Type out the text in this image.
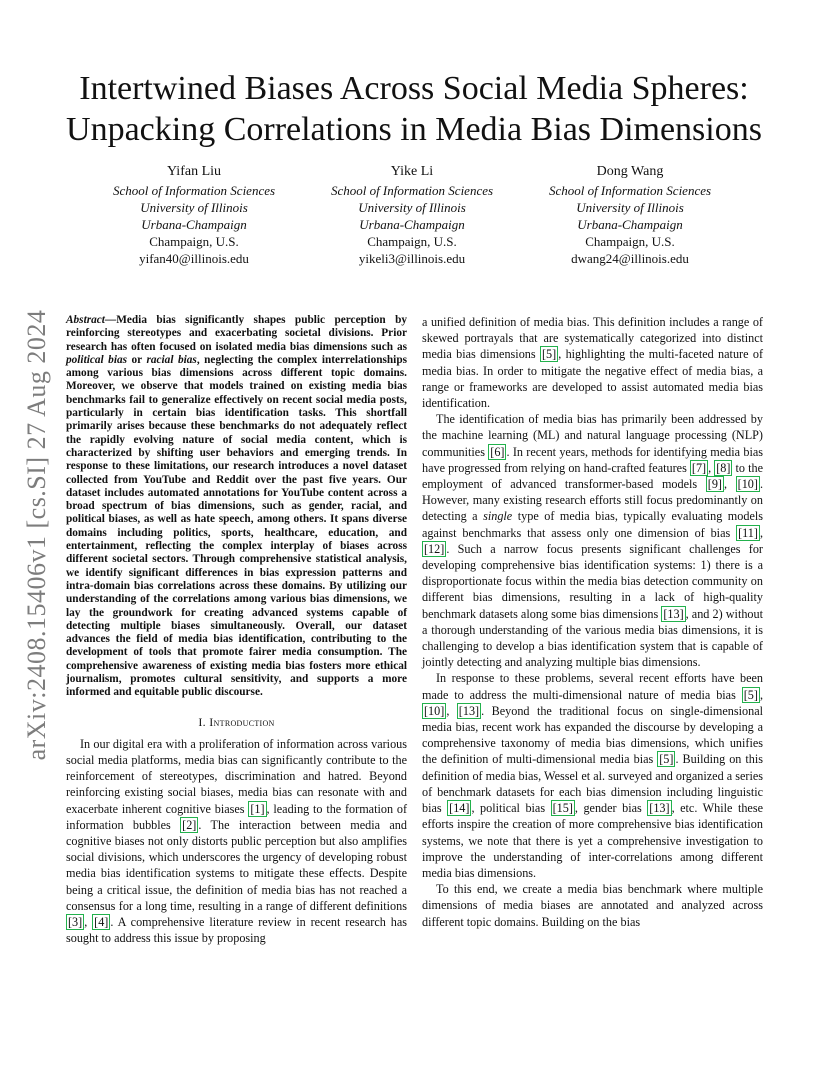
arXiv:2408.15406v1 [cs.SI] 27 Aug 2024
Intertwined Biases Across Social Media Spheres:
Unpacking Correlations in Media Bias Dimensions
Yifan Liu
School of Information Sciences
University of Illinois
Urbana-Champaign
Champaign, U.S.
yifan40@illinois.edu
Yike Li
School of Information Sciences
University of Illinois
Urbana-Champaign
Champaign, U.S.
yikeli3@illinois.edu
Dong Wang
School of Information Sciences
University of Illinois
Urbana-Champaign
Champaign, U.S.
dwang24@illinois.edu

Abstract—Media bias significantly shapes public perception by reinforcing stereotypes and exacerbating societal divisions. Prior research has often focused on isolated media bias dimensions such as political bias or racial bias, neglecting the complex interrelationships among various bias dimensions across different topic domains. Moreover, we observe that models trained on existing media bias benchmarks fail to generalize effectively on recent social media posts, particularly in certain bias identification tasks. This shortfall primarily arises because these benchmarks do not adequately reflect the rapidly evolving nature of social media content, which is characterized by shifting user behaviors and emerging trends. In response to these limitations, our research introduces a novel dataset collected from YouTube and Reddit over the past five years. Our dataset includes automated annotations for YouTube content across a broad spectrum of bias dimensions, such as gender, racial, and political biases, as well as hate speech, among others. It spans diverse domains including politics, sports, healthcare, education, and entertainment, reflecting the complex interplay of biases across different societal sectors. Through comprehensive statistical analysis, we identify significant differences in bias expression patterns and intra-domain bias correlations across these domains. By utilizing our understanding of the correlations among various bias dimensions, we lay the groundwork for creating advanced systems capable of detecting multiple biases simultaneously. Overall, our dataset advances the field of media bias identification, contributing to the development of tools that promote fairer media consumption. The comprehensive awareness of existing media bias fosters more ethical journalism, promotes cultural sensitivity, and supports a more informed and equitable public discourse.

I. Introduction

In our digital era with a proliferation of information across various social media platforms, media bias can significantly contribute to the reinforcement of stereotypes, discrimination and hatred. Beyond reinforcing existing social biases, media bias can resonate with and exacerbate inherent cognitive biases [1] , leading to the formation of information bubbles [2] . The interaction between media and cognitive biases not only distorts public perception but also amplifies social divisions, which underscores the urgency of developing robust media bias identification systems to mitigate these effects. Despite being a critical issue, the definition of media bias has not reached a consensus for a long time, resulting in a range of different definitions [3] , [4] . A comprehensive literature review in recent research has sought to address this issue by proposing

a unified definition of media bias. This definition includes a range of skewed portrayals that are systematically categorized into distinct media bias dimensions [5] , highlighting the multi-faceted nature of media bias. In order to mitigate the negative effect of media bias, a range or frameworks are developed to assist automated media bias identification.

The identification of media bias has primarily been addressed by the machine learning (ML) and natural language processing (NLP) communities [6] . In recent years, methods for identifying media bias have progressed from relying on hand-crafted features [7] , [8] to the employment of advanced transformer-based models [9] , [10] . However, many existing research efforts still focus predominantly on detecting a single type of media bias, typically evaluating models against benchmarks that assess only one dimension of bias [11] , [12] . Such a narrow focus presents significant challenges for developing comprehensive bias identification systems: 1) there is a disproportionate focus within the media bias detection community on different bias dimensions, resulting in a lack of high-quality benchmark datasets along some bias dimensions [13] , and 2) without a thorough understanding of the various media bias dimensions, it is challenging to develop a bias identification system that is capable of jointly detecting and analyzing multiple bias dimensions.

In response to these problems, several recent efforts have been made to address the multi-dimensional nature of media bias [5] , [10] , [13] . Beyond the traditional focus on single-dimensional media bias, recent work has expanded the discourse by developing a comprehensive taxonomy of media bias dimensions, which unifies the definition of multi-dimensional media bias [5] . Building on this definition of media bias, Wessel et al. surveyed and organized a series of benchmark datasets for each bias dimension including linguistic bias [14] , political bias [15] , gender bias [13] , etc. While these efforts inspire the creation of more comprehensive bias identification systems, we note that there is yet a comprehensive investigation to improve the understanding of inter-correlations among different media bias dimensions.

To this end, we create a media bias benchmark where multiple dimensions of media biases are annotated and analyzed across different topic domains. Building on the bias
